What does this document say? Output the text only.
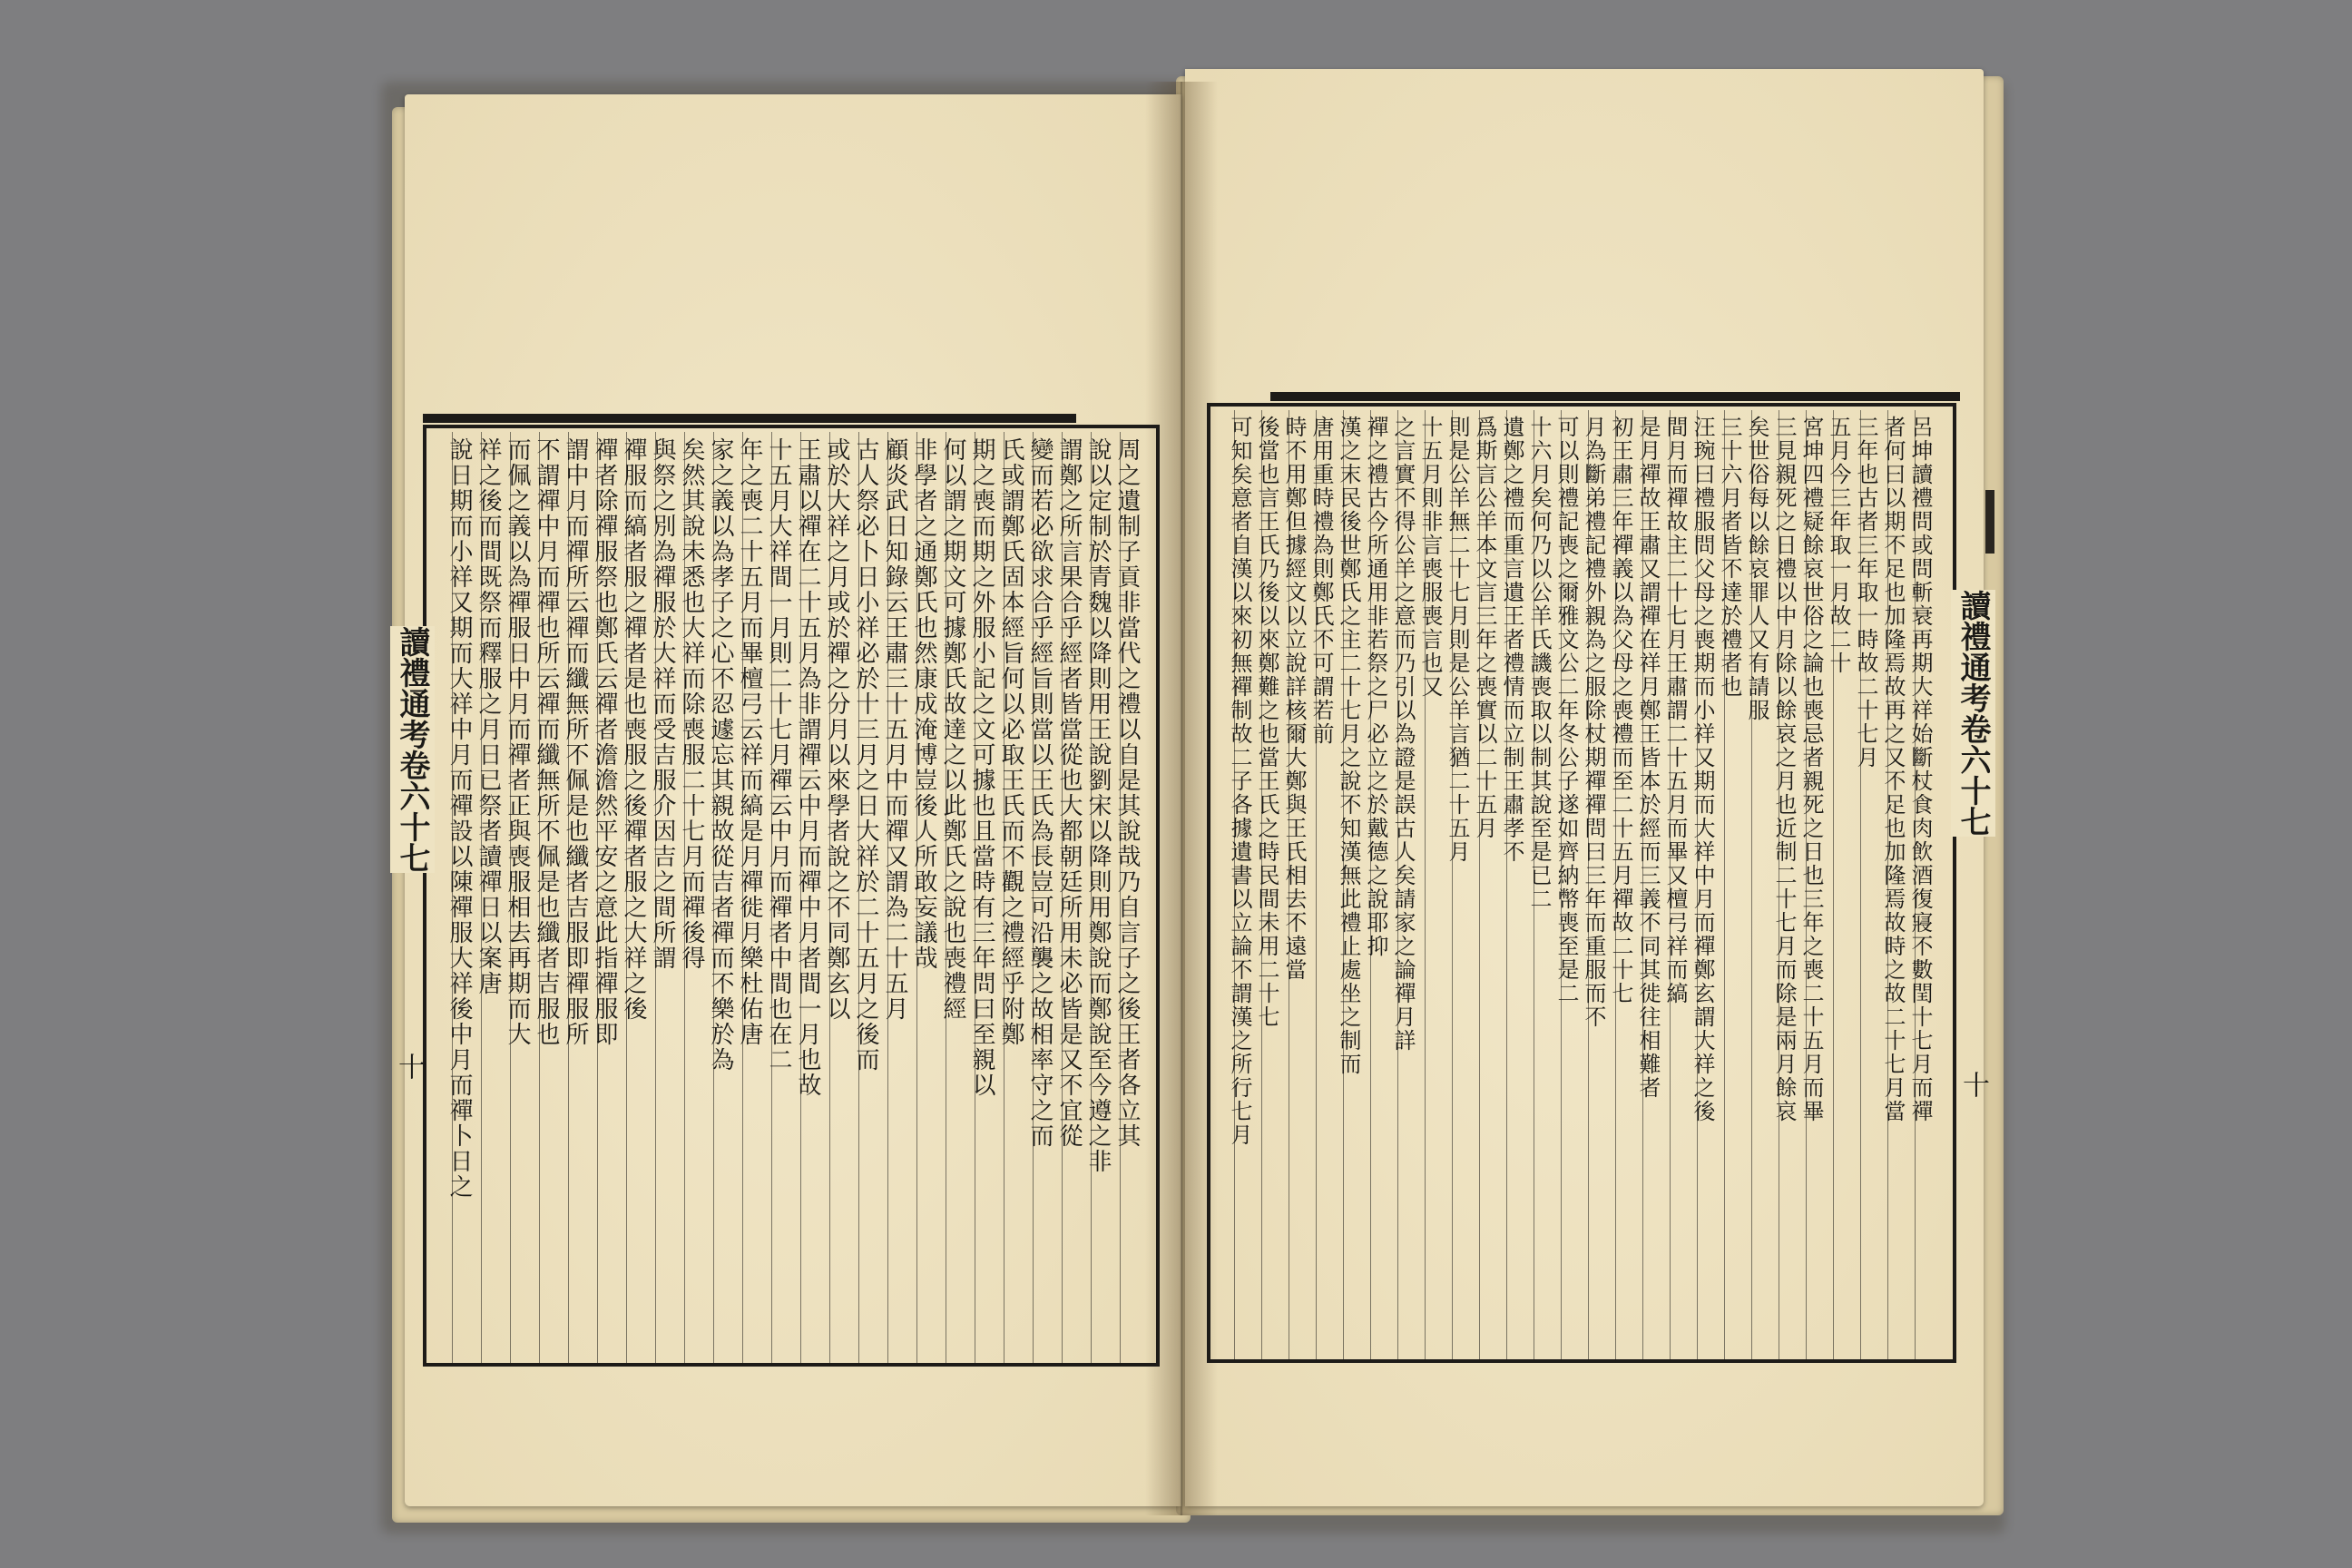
周之遺制子貢非當代之禮以自是其說哉乃自言子之後王者各立其
說以定制於青魏以降則用王說劉宋以降則用鄭說而鄭說至今遵之非
謂鄭之所言果合乎經者皆當從也大都朝廷所用未必皆是又不宜從
變而若必欲求合乎經旨則當以王氏為長豈可沿襲之故相率守之而
氏或謂鄭氏固本經旨何以必取王氏而不觀之禮經乎附鄭
期之喪而期之外服小記之文可據也且當時有三年問曰至親以
何以謂之期文可據鄭氏故達之以此鄭氏之說也喪禮經
非學者之通鄭氏也然康成淹博豈後人所敢妄議哉
顧炎武日知錄云王肅三十五月中而禪又謂為二十五月
古人祭必卜日小祥必於十三月之日大祥於二十五月之後而
或於大祥之月或於禪之分月以來學者說之不同鄭玄以
王肅以禪在二十五月為非謂禪云中月而禪中月者間一月也故
十五月大祥間一月則二十七月禪云中月而禪者中間也在二
年之喪二十五月而畢檀弓云祥而縞是月禪徙月樂杜佑唐
家之義以為孝子之心不忍遽忘其親故從吉者禪而不樂於為
矣然其說未悉也大祥而除喪服二十七月而禪後得
與祭之別為禪服於大祥而受吉服介因吉之間所謂
禪服而縞者服之禪者是也喪服之後禪者服之大祥之後
禪者除禪服祭也鄭氏云禪者澹澹然平安之意此指禪服即
謂中月而禪所云禪而纖無所不佩是也纖者吉服即禪服所
不謂禪中月而禪也所云禪而纖無所不佩是也纖者吉服也
而佩之義以為禪服日中月而禪者正與喪服相去再期而大
祥之後而間既祭而釋服之月日已祭者讀禪日以案唐
說日期而小祥又期而大祥中月而禪設以陳禪服大祥後中月而禪卜日之	呂坤讀禮問或問斬衰再期大祥始斷杖食肉飲酒復寢不數閏十七月而禪
者何曰以期不足也加隆焉故再之又不足也加隆焉故時之故二十七月當
三年也古者三年取一時故二十七月
五月今三年取一月故二十
宮坤四禮疑餘哀世俗之論也喪忌者親死之日也三年之喪二十五月而畢
三見親死之日禮以中月除以餘哀之月也近制二十七月而除是兩月餘哀
矣世俗每以餘哀罪人又有請服
三十六月者皆不達於禮者也
汪琬曰禮服問父母之喪期而小祥又期而大祥中月而禪鄭玄謂大祥之後
間月而禪故主二十七月王肅謂二十五月而畢又檀弓祥而縞
是月禪故王肅又謂禪在祥月鄭王皆本於經而三義不同其徙往相難者
初王肅三年禪義以為父母之喪禮而至二十五月禪故二十七
月為斷弟禮記禮外親為之服除杖期禪禪問曰三年而重服而不
可以則禮記喪之爾雅文公二年冬公子遂如齊納幣喪至是二
十六月矣何乃以公羊氏譏喪取以制其說至是已二
遺鄭之禮而重言遺王者禮情而立制王肅孝不
爲斯言公羊本文言三年之喪實以二十五月
則是公羊無二十七月則是公羊言猶二十五月
十五月則非言喪服喪言也又
之言實不得公羊之意而乃引以為證是誤古人矣請家之論禪月詳
禪之禮古今所通用非若祭之尸必立之於戴德之說耶抑
漢之末民後世鄭氏之主二十七月之說不知漢無此禮止處坐之制而
唐用重時禮為則鄭氏不可謂若前
時不用鄭但據經文以立說詳核爾大鄭與王氏相去不遠當
後當也言王氏乃後以來鄭難之也當王氏之時民間未用二十七
可知矣意者自漢以來初無禪制故二子各據遺書以立論不謂漢之所行七月
讀禮通考卷六十七	讀禮通考卷六十七
十
十
